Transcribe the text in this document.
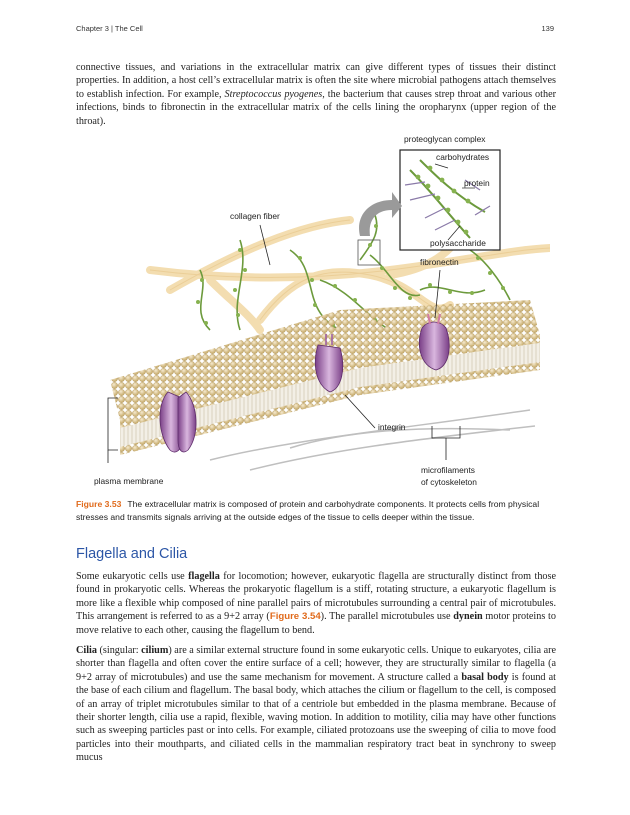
Chapter 3 | The Cell	139

connective tissues, and variations in the extracellular matrix can give different types of tissues their distinct properties. In addition, a host cell’s extracellular matrix is often the site where microbial pathogens attach themselves to establish infection. For example, Streptococcus pyogenes, the bacterium that causes strep throat and various other infections, binds to fibronectin in the extracellular matrix of the cells lining the oropharynx (upper region of the throat).

proteoglycan complex
carbohydrates
protein
polysaccharide
collagen fiber
fibronectin
integrin
plasma membrane
microfilaments
of cytoskeleton
Figure 3.53 The extracellular matrix is composed of protein and carbohydrate components. It protects cells from physical stresses and transmits signals arriving at the outside edges of the tissue to cells deeper within the tissue.
Flagella and Cilia

Some eukaryotic cells use flagella for locomotion; however, eukaryotic flagella are structurally distinct from those found in prokaryotic cells. Whereas the prokaryotic flagellum is a stiff, rotating structure, a eukaryotic flagellum is more like a flexible whip composed of nine parallel pairs of microtubules surrounding a central pair of microtubules. This arrangement is referred to as a 9+2 array (Figure 3.54). The parallel microtubules use dynein motor proteins to move relative to each other, causing the flagellum to bend.

Cilia (singular: cilium) are a similar external structure found in some eukaryotic cells. Unique to eukaryotes, cilia are shorter than flagella and often cover the entire surface of a cell; however, they are structurally similar to flagella (a 9+2 array of microtubules) and use the same mechanism for movement. A structure called a basal body is found at the base of each cilium and flagellum. The basal body, which attaches the cilium or flagellum to the cell, is composed of an array of triplet microtubules similar to that of a centriole but embedded in the plasma membrane. Because of their shorter length, cilia use a rapid, flexible, waving motion. In addition to motility, cilia may have other functions such as sweeping particles past or into cells. For example, ciliated protozoans use the sweeping of cilia to move food particles into their mouthparts, and ciliated cells in the mammalian respiratory tract beat in synchrony to sweep mucus
